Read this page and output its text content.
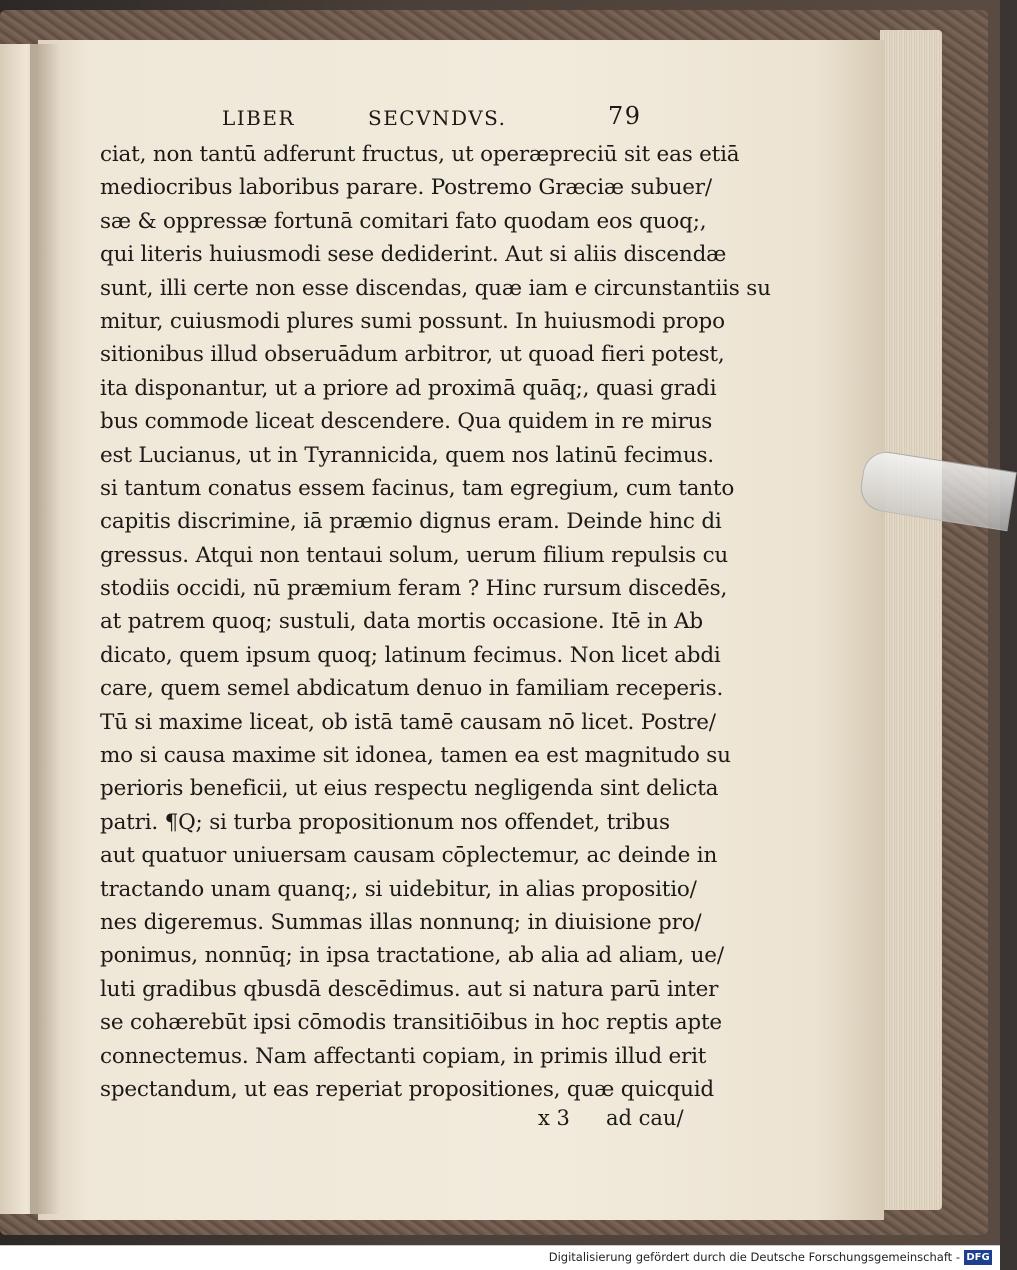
LIBER	SECVNDVS.	79
ciat, non tantū adferunt fructus, ut operæpreciū sit eas etiā
mediocribus laboribus parare. Postremo Græciæ subuer/
sæ & oppressæ fortunā comitari fato quodam eos quoq;,
qui literis huiusmodi sese dediderint. Aut si aliis discendæ
sunt, illi certe non esse discendas, quæ iam e circunstantiis su
mitur, cuiusmodi plures sumi possunt. In huiusmodi propo
sitionibus illud obseruādum arbitror, ut quoad fieri potest,
ita disponantur, ut a priore ad proximā quāq;, quasi gradi
bus commode liceat descendere. Qua quidem in re mirus
est Lucianus, ut in Tyrannicida, quem nos latinū fecimus.
si tantum conatus essem facinus, tam egregium, cum tanto
capitis discrimine, iā præmio dignus eram. Deinde hinc di
gressus. Atqui non tentaui solum, uerum filium repulsis cu
stodiis occidi, nū præmium feram ? Hinc rursum discedēs,
at patrem quoq; sustuli, data mortis occasione. Itē in Ab
dicato, quem ipsum quoq; latinum fecimus. Non licet abdi
care, quem semel abdicatum denuo in familiam receperis.
Tū si maxime liceat, ob istā tamē causam nō licet. Postre/
mo si causa maxime sit idonea, tamen ea est magnitudo su
perioris beneficii, ut eius respectu negligenda sint delicta
patri. ¶Q; si turba propositionum nos offendet, tribus
aut quatuor uniuersam causam cōplectemur, ac deinde in
tractando unam quanq;, si uidebitur, in alias propositio/
nes digeremus. Summas illas nonnunq; in diuisione pro/
ponimus, nonnūq; in ipsa tractatione, ab alia ad aliam, ue/
luti gradibus qbusdā descēdimus. aut si natura parū inter
se cohærebūt ipsi cōmodis transitiōibus in hoc reptis apte
connectemus. Nam affectanti copiam, in primis illud erit
spectandum, ut eas reperiat propositiones, quæ quicquid
x 3 ad cau/
Digitalisierung gefördert durch die Deutsche Forschungsgemeinschaft - DFG
